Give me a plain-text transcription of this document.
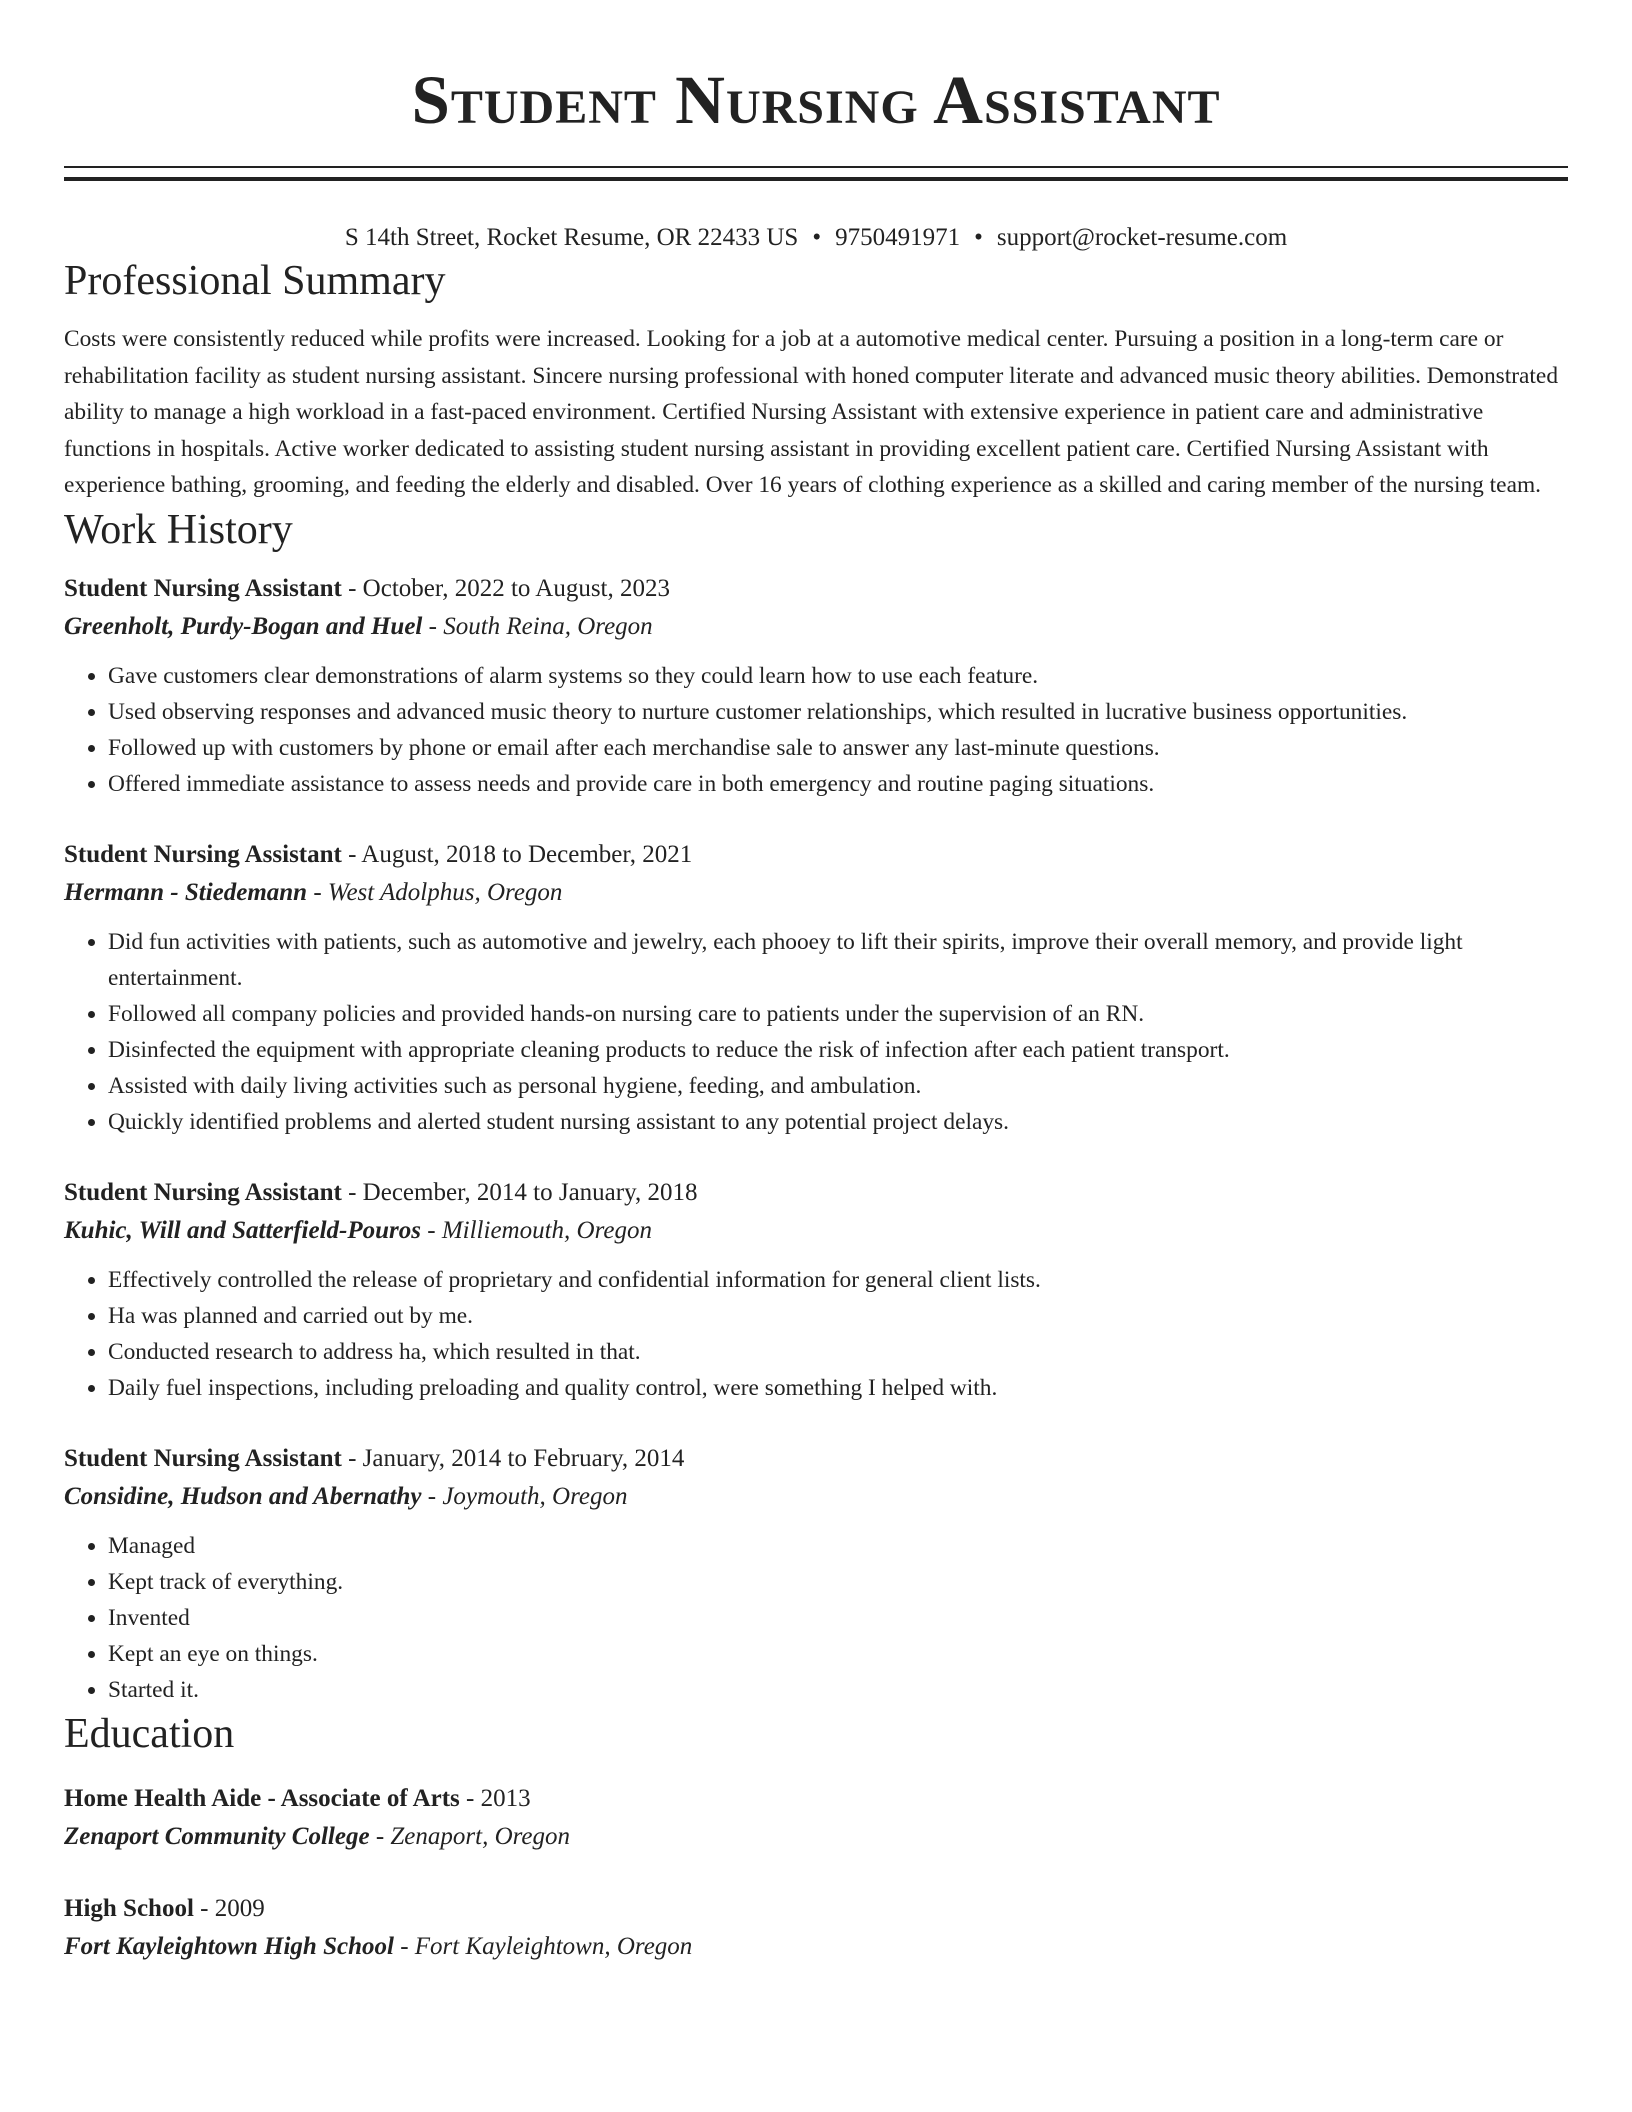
Student Nursing Assistant
S 14th Street, Rocket Resume, OR 22433 US • 9750491971 • support@rocket-resume.com
Professional Summary

Costs were consistently reduced while profits were increased. Looking for a job at a automotive medical center. Pursuing a position in a long-term care or rehabilitation facility as student nursing assistant. Sincere nursing professional with honed computer literate and advanced music theory abilities. Demonstrated ability to manage a high workload in a fast-paced environment. Certified Nursing Assistant with extensive experience in patient care and administrative functions in hospitals. Active worker dedicated to assisting student nursing assistant in providing excellent patient care. Certified Nursing Assistant with experience bathing, grooming, and feeding the elderly and disabled. Over 16 years of clothing experience as a skilled and caring member of the nursing team.

Work History
Student Nursing Assistant - October, 2022 to August, 2023
Greenholt, Purdy-Bogan and Huel - South Reina, Oregon
• Gave customers clear demonstrations of alarm systems so they could learn how to use each feature.
• Used observing responses and advanced music theory to nurture customer relationships, which resulted in lucrative business opportunities.
• Followed up with customers by phone or email after each merchandise sale to answer any last-minute questions.
• Offered immediate assistance to assess needs and provide care in both emergency and routine paging situations.
Student Nursing Assistant - August, 2018 to December, 2021
Hermann - Stiedemann - West Adolphus, Oregon
• Did fun activities with patients, such as automotive and jewelry, each phooey to lift their spirits, improve their overall memory, and provide light entertainment.
• Followed all company policies and provided hands-on nursing care to patients under the supervision of an RN.
• Disinfected the equipment with appropriate cleaning products to reduce the risk of infection after each patient transport.
• Assisted with daily living activities such as personal hygiene, feeding, and ambulation.
• Quickly identified problems and alerted student nursing assistant to any potential project delays.
Student Nursing Assistant - December, 2014 to January, 2018
Kuhic, Will and Satterfield-Pouros - Milliemouth, Oregon
• Effectively controlled the release of proprietary and confidential information for general client lists.
• Ha was planned and carried out by me.
• Conducted research to address ha, which resulted in that.
• Daily fuel inspections, including preloading and quality control, were something I helped with.
Student Nursing Assistant - January, 2014 to February, 2014
Considine, Hudson and Abernathy - Joymouth, Oregon
• Managed
• Kept track of everything.
• Invented
• Kept an eye on things.
• Started it.
Education
Home Health Aide - Associate of Arts - 2013
Zenaport Community College - Zenaport, Oregon
High School - 2009
Fort Kayleightown High School - Fort Kayleightown, Oregon
